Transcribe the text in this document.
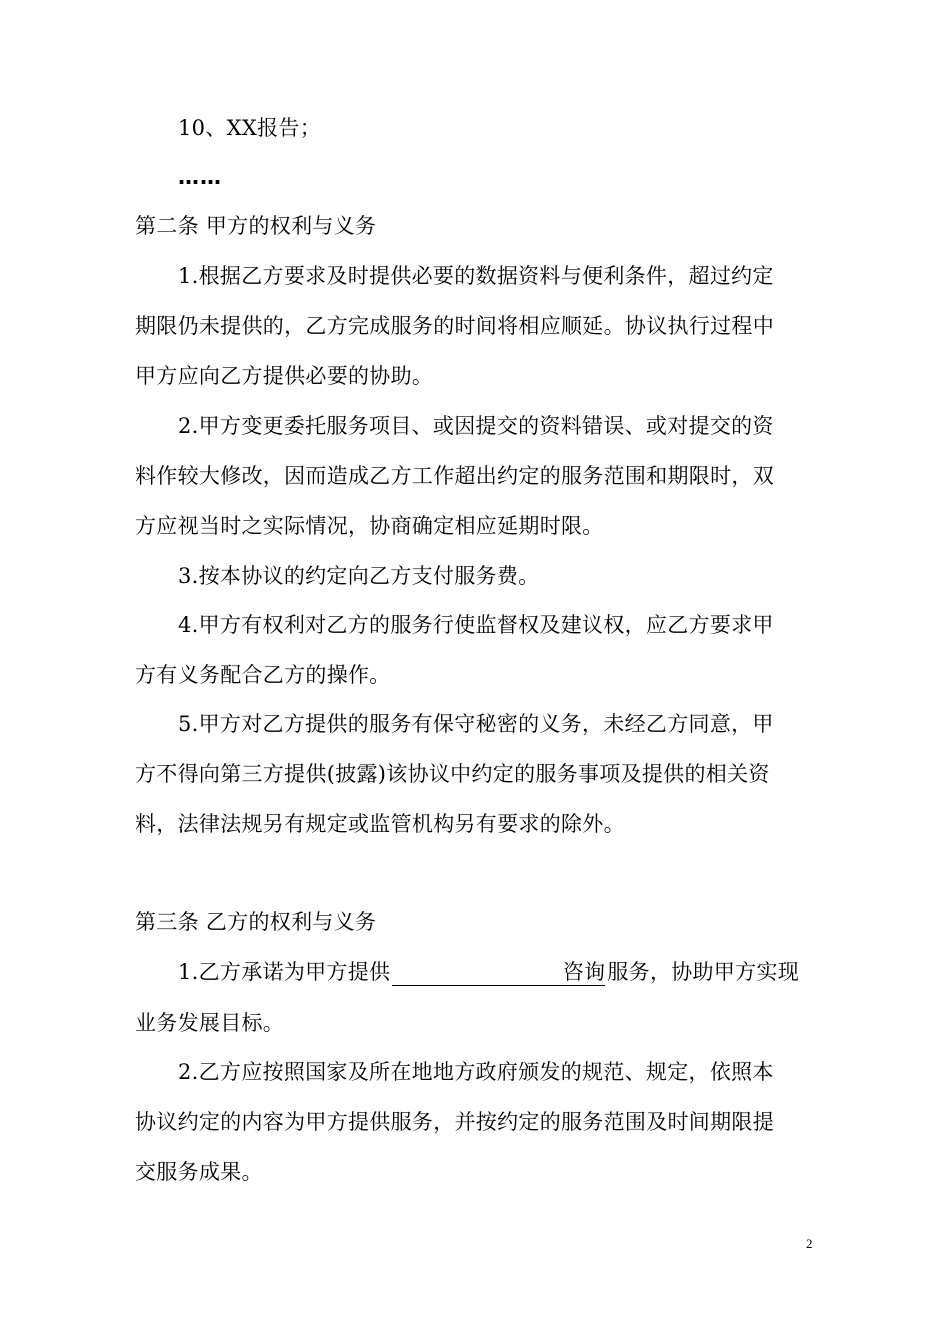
10、XX报告；
……
第二条 甲方的权利与义务
1.根据乙方要求及时提供必要的数据资料与便利条件，超过约定
期限仍未提供的，乙方完成服务的时间将相应顺延。协议执行过程中
甲方应向乙方提供必要的协助。
2.甲方变更委托服务项目、或因提交的资料错误、或对提交的资
料作较大修改，因而造成乙方工作超出约定的服务范围和期限时，双
方应视当时之实际情况，协商确定相应延期时限。
3.按本协议的约定向乙方支付服务费。
4.甲方有权利对乙方的服务行使监督权及建议权，应乙方要求甲
方有义务配合乙方的操作。
5.甲方对乙方提供的服务有保守秘密的义务，未经乙方同意，甲
方不得向第三方提供(披露)该协议中约定的服务事项及提供的相关资
料，法律法规另有规定或监管机构另有要求的除外。
第三条 乙方的权利与义务
1.乙方承诺为甲方提供	咨询服务，协助甲方实现
业务发展目标。
2.乙方应按照国家及所在地地方政府颁发的规范、规定，依照本
协议约定的内容为甲方提供服务，并按约定的服务范围及时间期限提
交服务成果。
2
